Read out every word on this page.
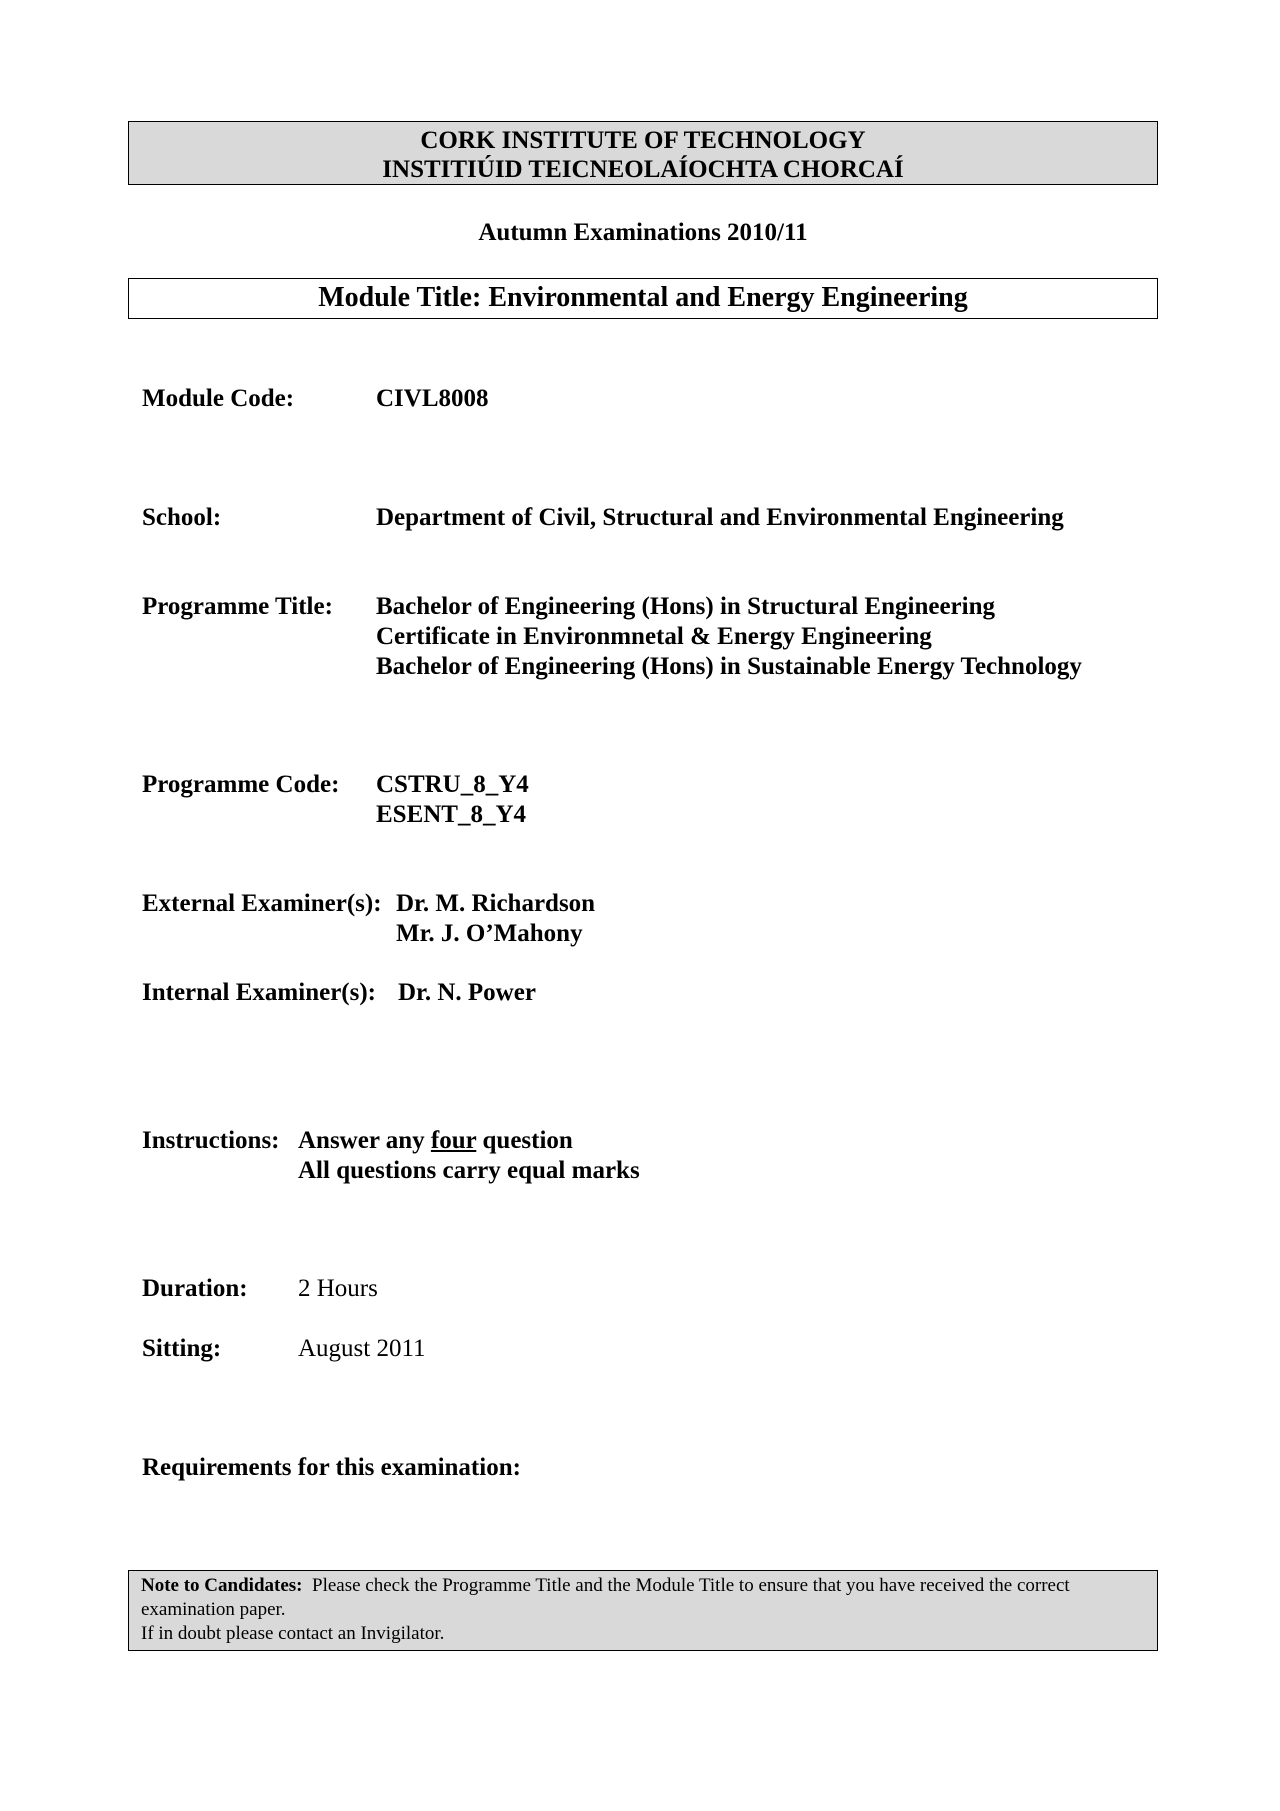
CORK INSTITUTE OF TECHNOLOGY
INSTITIÚID TEICNEOLAÍOCHTA CHORCAÍ
Autumn Examinations 2010/11
Module Title: Environmental and Energy Engineering
Module Code:	CIVL8008
School:	Department of Civil, Structural and Environmental Engineering
Programme Title: Bachelor of Engineering (Hons) in Structural Engineering
Certificate in Environmnetal & Energy Engineering
Bachelor of Engineering (Hons) in Sustainable Energy Technology
Programme Code: CSTRU_8_Y4
ESENT_8_Y4
External Examiner(s): Dr. M. Richardson
Mr. J. O’Mahony
Internal Examiner(s): Dr. N. Power
Instructions: Answer any four question
All questions carry equal marks
Duration: 2 Hours
Sitting:	August 2011
Requirements for this examination:
Note to Candidates: Please check the Programme Title and the Module Title to ensure that you have received the correct examination paper.
If in doubt please contact an Invigilator.
